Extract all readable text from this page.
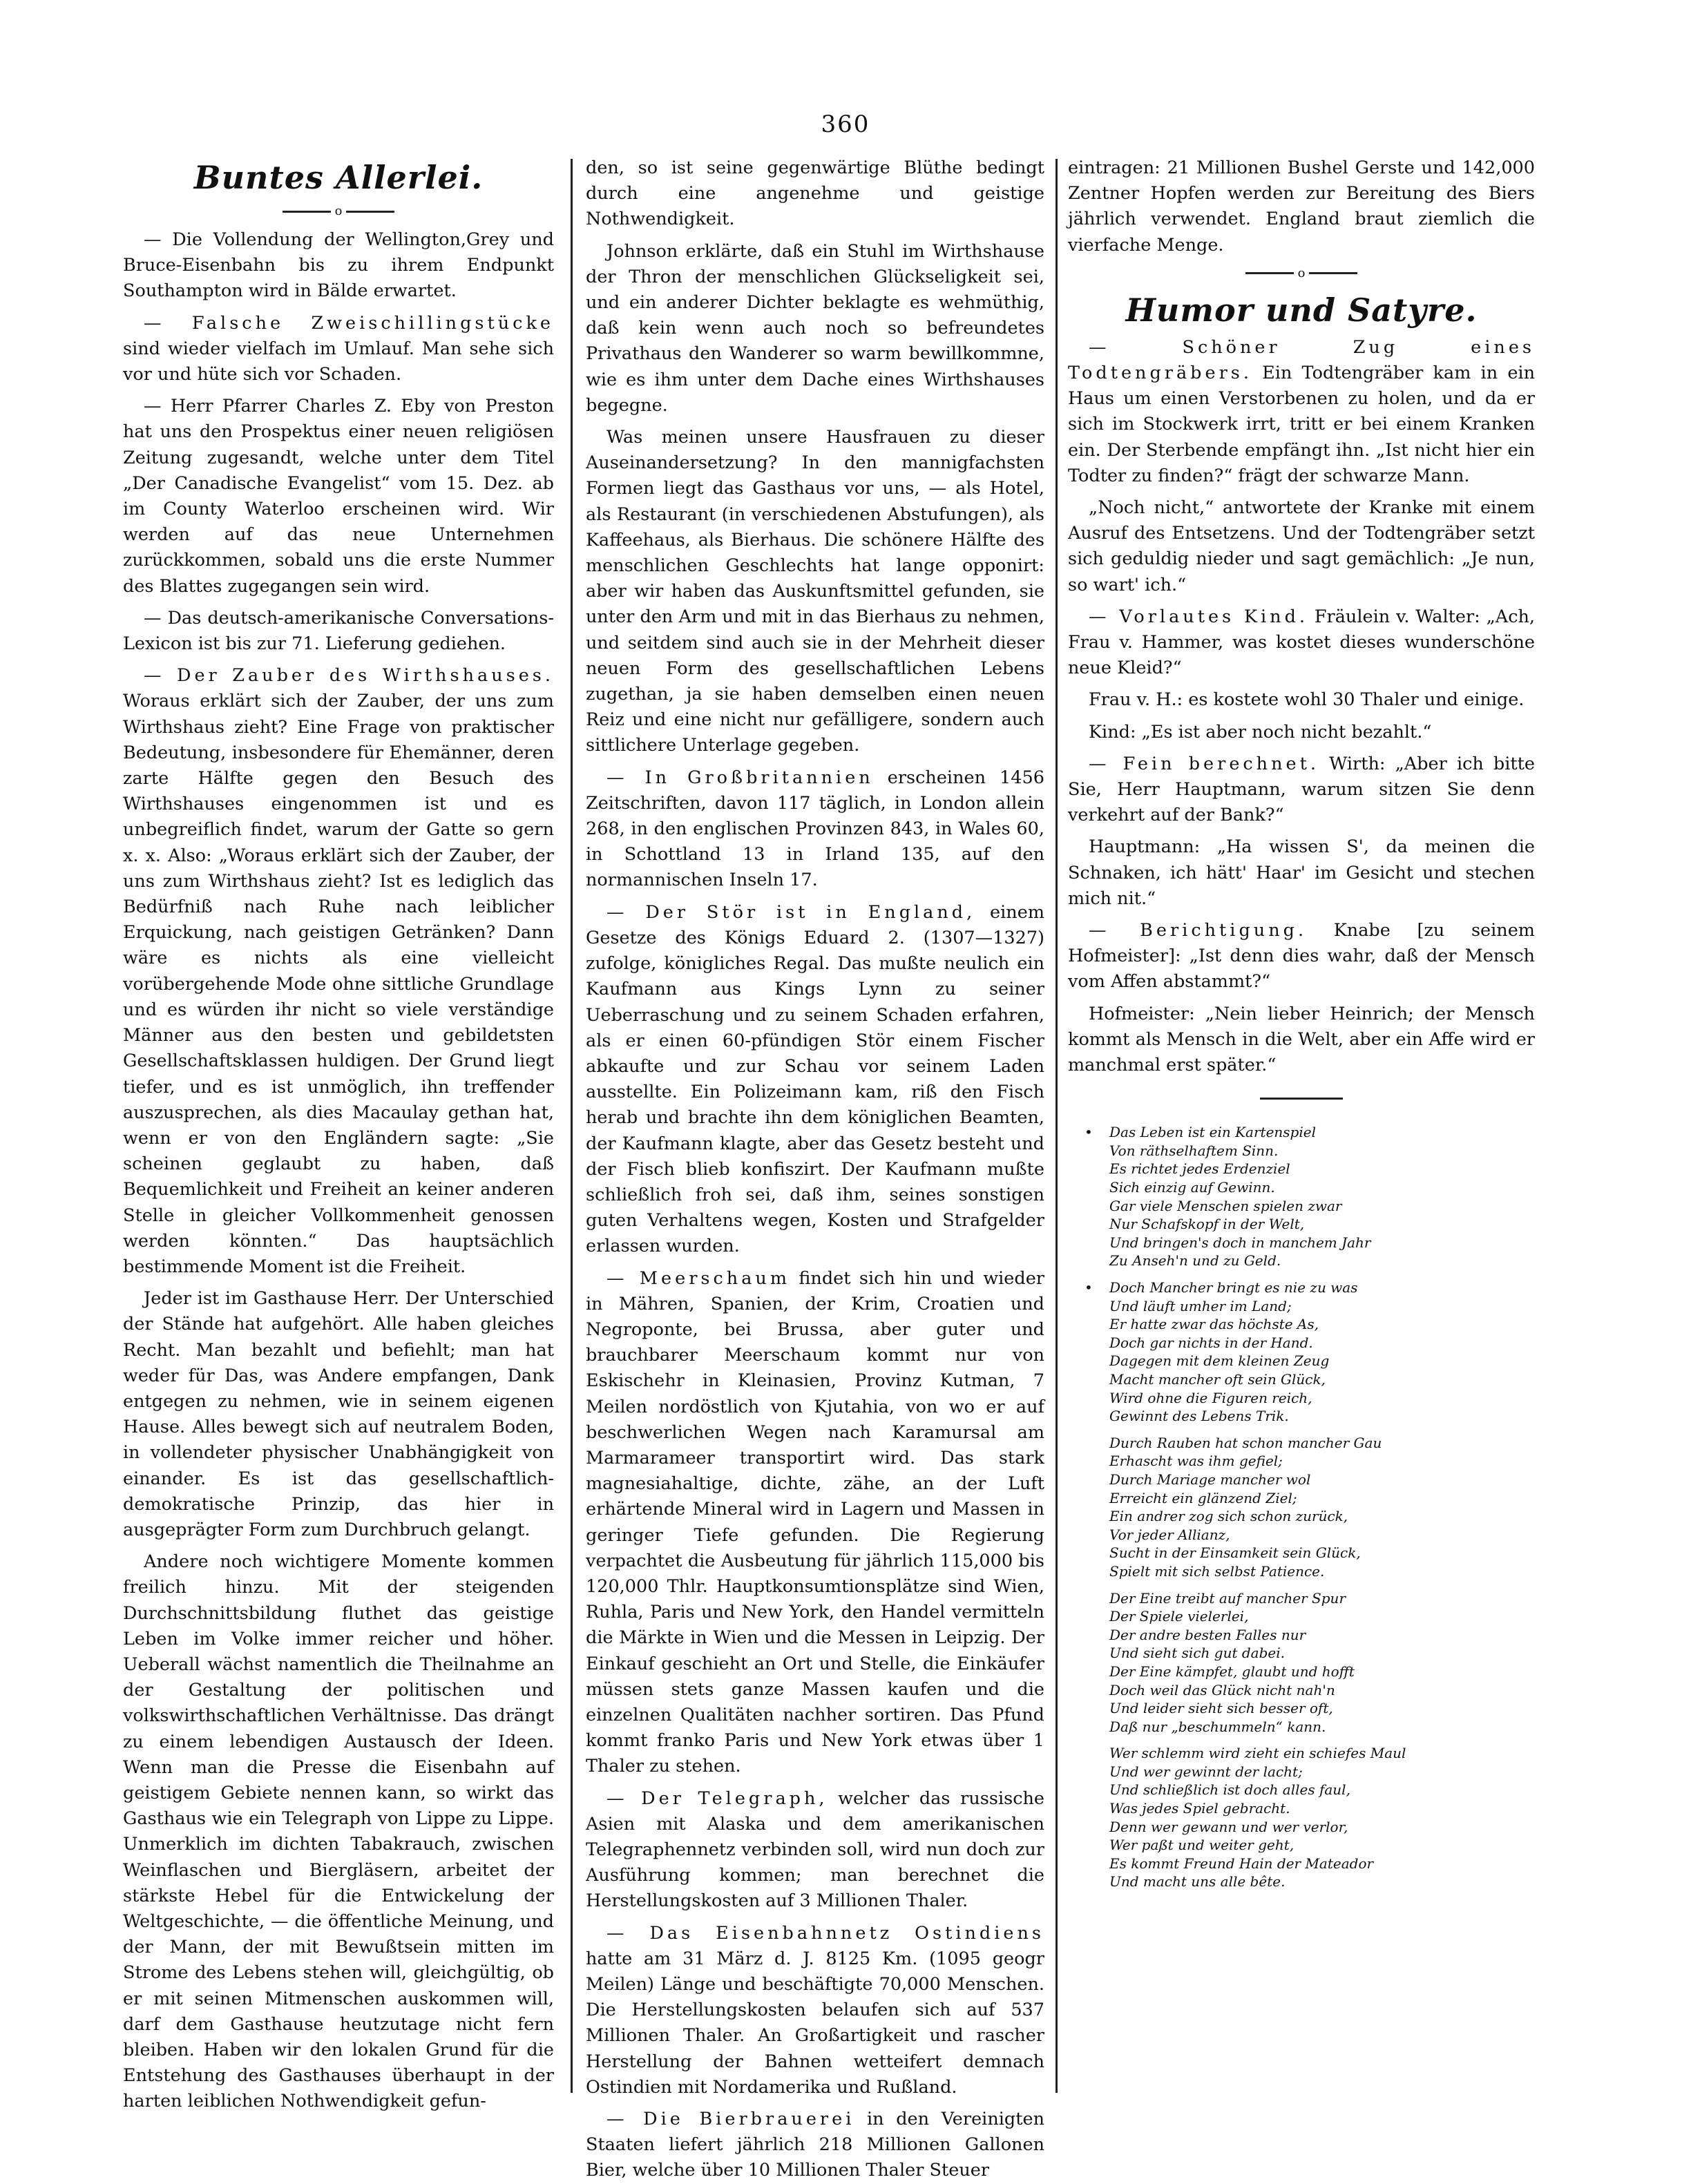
360
Buntes Allerlei.
o

— Die Vollendung der Wellington,Grey und Bruce-Eisenbahn bis zu ihrem Endpunkt Southampton wird in Bälde erwartet.

— Falsche Zweischillingstücke sind wieder vielfach im Umlauf. Man sehe sich vor und hüte sich vor Schaden.

— Herr Pfarrer Charles Z. Eby von Preston hat uns den Prospektus einer neuen religiösen Zeitung zugesandt, welche unter dem Titel „Der Canadische Evangelist“ vom 15. Dez. ab im County Waterloo erscheinen wird. Wir werden auf das neue Unternehmen zurückkommen, sobald uns die erste Nummer des Blattes zugegangen sein wird.

— Das deutsch-amerikanische Conversations-Lexicon ist bis zur 71. Lieferung gediehen.

— Der Zauber des Wirthshauses. Woraus erklärt sich der Zauber, der uns zum Wirthshaus zieht? Eine Frage von praktischer Bedeutung, insbesondere für Ehemänner, deren zarte Hälfte gegen den Besuch des Wirthshauses eingenommen ist und es unbegreiflich findet, warum der Gatte so gern x. x. Also: „Woraus erklärt sich der Zauber, der uns zum Wirthshaus zieht? Ist es lediglich das Bedürfniß nach Ruhe nach leiblicher Erquickung, nach geistigen Getränken? Dann wäre es nichts als eine vielleicht vorübergehende Mode ohne sittliche Grundlage und es würden ihr nicht so viele verständige Männer aus den besten und gebildetsten Gesellschaftsklassen huldigen. Der Grund liegt tiefer, und es ist unmöglich, ihn treffender auszusprechen, als dies Macaulay gethan hat, wenn er von den Engländern sagte: „Sie scheinen geglaubt zu haben, daß Bequemlichkeit und Freiheit an keiner anderen Stelle in gleicher Vollkommenheit genossen werden könnten.“ Das hauptsächlich bestimmende Moment ist die Freiheit.

Jeder ist im Gasthause Herr. Der Unterschied der Stände hat aufgehört. Alle haben gleiches Recht. Man bezahlt und befiehlt; man hat weder für Das, was Andere empfangen, Dank entgegen zu nehmen, wie in seinem eigenen Hause. Alles bewegt sich auf neutralem Boden, in vollendeter physischer Unabhängigkeit von einander. Es ist das gesellschaftlich-demokratische Prinzip, das hier in ausgeprägter Form zum Durchbruch gelangt.

Andere noch wichtigere Momente kommen freilich hinzu. Mit der steigenden Durchschnittsbildung fluthet das geistige Leben im Volke immer reicher und höher. Ueberall wächst namentlich die Theilnahme an der Gestaltung der politischen und volkswirthschaftlichen Verhältnisse. Das drängt zu einem lebendigen Austausch der Ideen. Wenn man die Presse die Eisenbahn auf geistigem Gebiete nennen kann, so wirkt das Gasthaus wie ein Telegraph von Lippe zu Lippe. Unmerklich im dichten Tabakrauch, zwischen Weinflaschen und Biergläsern, arbeitet der stärkste Hebel für die Entwickelung der Weltgeschichte, — die öffentliche Meinung, und der Mann, der mit Bewußtsein mitten im Strome des Lebens stehen will, gleichgültig, ob er mit seinen Mitmenschen auskommen will, darf dem Gasthause heutzutage nicht fern bleiben. Haben wir den lokalen Grund für die Entstehung des Gasthauses überhaupt in der harten leiblichen Nothwendigkeit gefun-

den, so ist seine gegenwärtige Blüthe bedingt durch eine angenehme und geistige Nothwendigkeit.

Johnson erklärte, daß ein Stuhl im Wirthshause der Thron der menschlichen Glückseligkeit sei, und ein anderer Dichter beklagte es wehmüthig, daß kein wenn auch noch so befreundetes Privathaus den Wanderer so warm bewillkommne, wie es ihm unter dem Dache eines Wirthshauses begegne.

Was meinen unsere Hausfrauen zu dieser Auseinandersetzung? In den mannigfachsten Formen liegt das Gasthaus vor uns, — als Hotel, als Restaurant (in verschiedenen Abstufungen), als Kaffeehaus, als Bierhaus. Die schönere Hälfte des menschlichen Geschlechts hat lange opponirt: aber wir haben das Auskunftsmittel gefunden, sie unter den Arm und mit in das Bierhaus zu nehmen, und seitdem sind auch sie in der Mehrheit dieser neuen Form des gesellschaftlichen Lebens zugethan, ja sie haben demselben einen neuen Reiz und eine nicht nur gefälligere, sondern auch sittlichere Unterlage gegeben.

— In Großbritannien erscheinen 1456 Zeitschriften, davon 117 täglich, in London allein 268, in den englischen Provinzen 843, in Wales 60, in Schottland 13 in Irland 135, auf den normannischen Inseln 17.

— Der Stör ist in England, einem Gesetze des Königs Eduard 2. (1307—1327) zufolge, königliches Regal. Das mußte neulich ein Kaufmann aus Kings Lynn zu seiner Ueberraschung und zu seinem Schaden erfahren, als er einen 60-pfündigen Stör einem Fischer abkaufte und zur Schau vor seinem Laden ausstellte. Ein Polizeimann kam, riß den Fisch herab und brachte ihn dem königlichen Beamten, der Kaufmann klagte, aber das Gesetz besteht und der Fisch blieb konfiszirt. Der Kaufmann mußte schließlich froh sei, daß ihm, seines sonstigen guten Verhaltens wegen, Kosten und Strafgelder erlassen wurden.

— Meerschaum findet sich hin und wieder in Mähren, Spanien, der Krim, Croatien und Negroponte, bei Brussa, aber guter und brauchbarer Meerschaum kommt nur von Eskischehr in Kleinasien, Provinz Kutman, 7 Meilen nordöstlich von Kjutahia, von wo er auf beschwerlichen Wegen nach Karamursal am Marmarameer transportirt wird. Das stark magnesiahaltige, dichte, zähe, an der Luft erhärtende Mineral wird in Lagern und Massen in geringer Tiefe gefunden. Die Regierung verpachtet die Ausbeutung für jährlich 115,000 bis 120,000 Thlr. Hauptkonsumtionsplätze sind Wien, Ruhla, Paris und New York, den Handel vermitteln die Märkte in Wien und die Messen in Leipzig. Der Einkauf geschieht an Ort und Stelle, die Einkäufer müssen stets ganze Massen kaufen und die einzelnen Qualitäten nachher sortiren. Das Pfund kommt franko Paris und New York etwas über 1 Thaler zu stehen.

— Der Telegraph, welcher das russische Asien mit Alaska und dem amerikanischen Telegraphennetz verbinden soll, wird nun doch zur Ausführung kommen; man berechnet die Herstellungskosten auf 3 Millionen Thaler.

— Das Eisenbahnnetz Ostindiens hatte am 31 März d. J. 8125 Km. (1095 geogr Meilen) Länge und beschäftigte 70,000 Menschen. Die Herstellungskosten belaufen sich auf 537 Millionen Thaler. An Großartigkeit und rascher Herstellung der Bahnen wetteifert demnach Ostindien mit Nordamerika und Rußland.

— Die Bierbrauerei in den Vereinigten Staaten liefert jährlich 218 Millionen Gallonen Bier, welche über 10 Millionen Thaler Steuer

eintragen: 21 Millionen Bushel Gerste und 142,000 Zentner Hopfen werden zur Bereitung des Biers jährlich verwendet. England braut ziemlich die vierfache Menge.

o
Humor und Satyre.

— Schöner Zug eines Todtengräbers. Ein Todtengräber kam in ein Haus um einen Verstorbenen zu holen, und da er sich im Stockwerk irrt, tritt er bei einem Kranken ein. Der Sterbende empfängt ihn. „Ist nicht hier ein Todter zu finden?“ frägt der schwarze Mann.

„Noch nicht,“ antwortete der Kranke mit einem Ausruf des Entsetzens. Und der Todtengräber setzt sich geduldig nieder und sagt gemächlich: „Je nun, so wart' ich.“

— Vorlautes Kind. Fräulein v. Walter: „Ach, Frau v. Hammer, was kostet dieses wunderschöne neue Kleid?“

Frau v. H.: es kostete wohl 30 Thaler und einige.

Kind: „Es ist aber noch nicht bezahlt.“

— Fein berechnet. Wirth: „Aber ich bitte Sie, Herr Hauptmann, warum sitzen Sie denn verkehrt auf der Bank?“

Hauptmann: „Ha wissen S', da meinen die Schnaken, ich hätt' Haar' im Gesicht und stechen mich nit.“

— Berichtigung. Knabe [zu seinem Hofmeister]: „Ist denn dies wahr, daß der Mensch vom Affen abstammt?“

Hofmeister: „Nein lieber Heinrich; der Mensch kommt als Mensch in die Welt, aber ein Affe wird er manchmal erst später.“

• Das Leben ist ein Kartenspiel
Von räthselhaftem Sinn.
Es richtet jedes Erdenziel
Sich einzig auf Gewinn.
Gar viele Menschen spielen zwar
Nur Schafskopf in der Welt,
Und bringen's doch in manchem Jahr
Zu Anseh'n und zu Geld.
• Doch Mancher bringt es nie zu was
Und läuft umher im Land;
Er hatte zwar das höchste As,
Doch gar nichts in der Hand.
Dagegen mit dem kleinen Zeug
Macht mancher oft sein Glück,
Wird ohne die Figuren reich,
Gewinnt des Lebens Trik.
Durch Rauben hat schon mancher Gau
Erhascht was ihm gefiel;
Durch Mariage mancher wol
Erreicht ein glänzend Ziel;
Ein andrer zog sich schon zurück,
Vor jeder Allianz,
Sucht in der Einsamkeit sein Glück,
Spielt mit sich selbst Patience.
Der Eine treibt auf mancher Spur
Der Spiele vielerlei,
Der andre besten Falles nur
Und sieht sich gut dabei.
Der Eine kämpfet, glaubt und hofft
Doch weil das Glück nicht nah'n
Und leider sieht sich besser oft,
Daß nur „beschummeln“ kann.
Wer schlemm wird zieht ein schiefes Maul
Und wer gewinnt der lacht;
Und schließlich ist doch alles faul,
Was jedes Spiel gebracht.
Denn wer gewann und wer verlor,
Wer paßt und weiter geht,
Es kommt Freund Hain der Mateador
Und macht uns alle bête.
